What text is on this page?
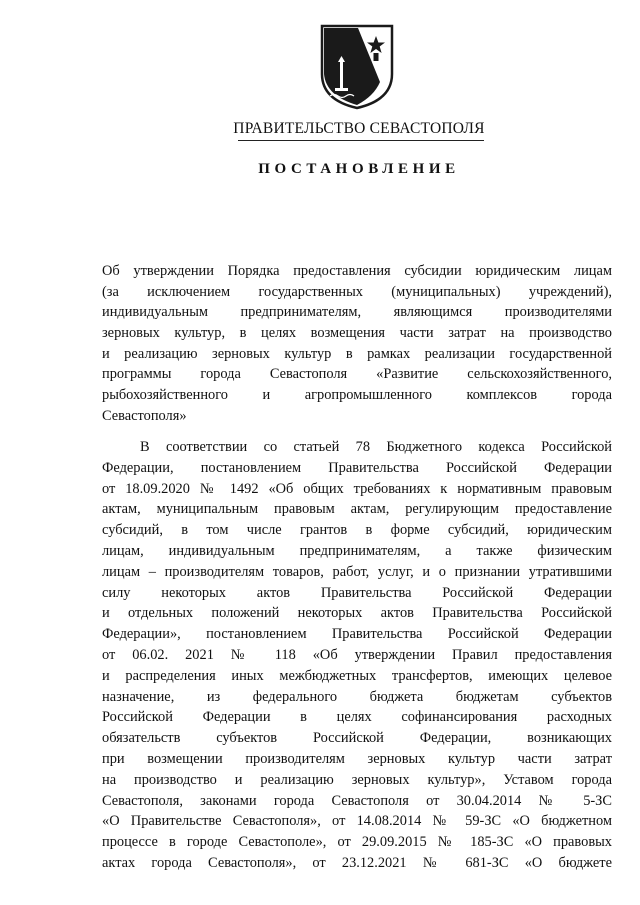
ПРАВИТЕЛЬСТВО СЕВАСТОПОЛЯ
ПОСТАНОВЛЕНИЕ
Об утверждении Порядка предоставления субсидии юридическим лицам
(за исключением государственных (муниципальных) учреждений),
индивидуальным предпринимателям, являющимся производителями
зерновых культур, в целях возмещения части затрат на производство
и реализацию зерновых культур в рамках реализации государственной
программы города Севастополя «Развитие сельскохозяйственного,
рыбохозяйственного и агропромышленного комплексов города
Севастополя»
В соответствии со статьей 78 Бюджетного кодекса Российской
Федерации, постановлением Правительства Российской Федерации
от 18.09.2020 № 1492 «Об общих требованиях к нормативным правовым
актам, муниципальным правовым актам, регулирующим предоставление
субсидий, в том числе грантов в форме субсидий, юридическим
лицам, индивидуальным предпринимателям, а также физическим
лицам – производителям товаров, работ, услуг, и о признании утратившими
силу некоторых актов Правительства Российской Федерации
и отдельных положений некоторых актов Правительства Российской
Федерации», постановлением Правительства Российской Федерации
от 06.02. 2021 № 118 «Об утверждении Правил предоставления
и распределения иных межбюджетных трансфертов, имеющих целевое
назначение, из федерального бюджета бюджетам субъектов
Российской Федерации в целях софинансирования расходных
обязательств субъектов Российской Федерации, возникающих
при возмещении производителям зерновых культур части затрат
на производство и реализацию зерновых культур», Уставом города
Севастополя, законами города Севастополя от 30.04.2014 № 5-ЗС
«О Правительстве Севастополя», от 14.08.2014 № 59-ЗС «О бюджетном
процессе в городе Севастополе», от 29.09.2015 № 185-ЗС «О правовых
актах города Севастополя», от 23.12.2021 № 681-ЗС «О бюджете
